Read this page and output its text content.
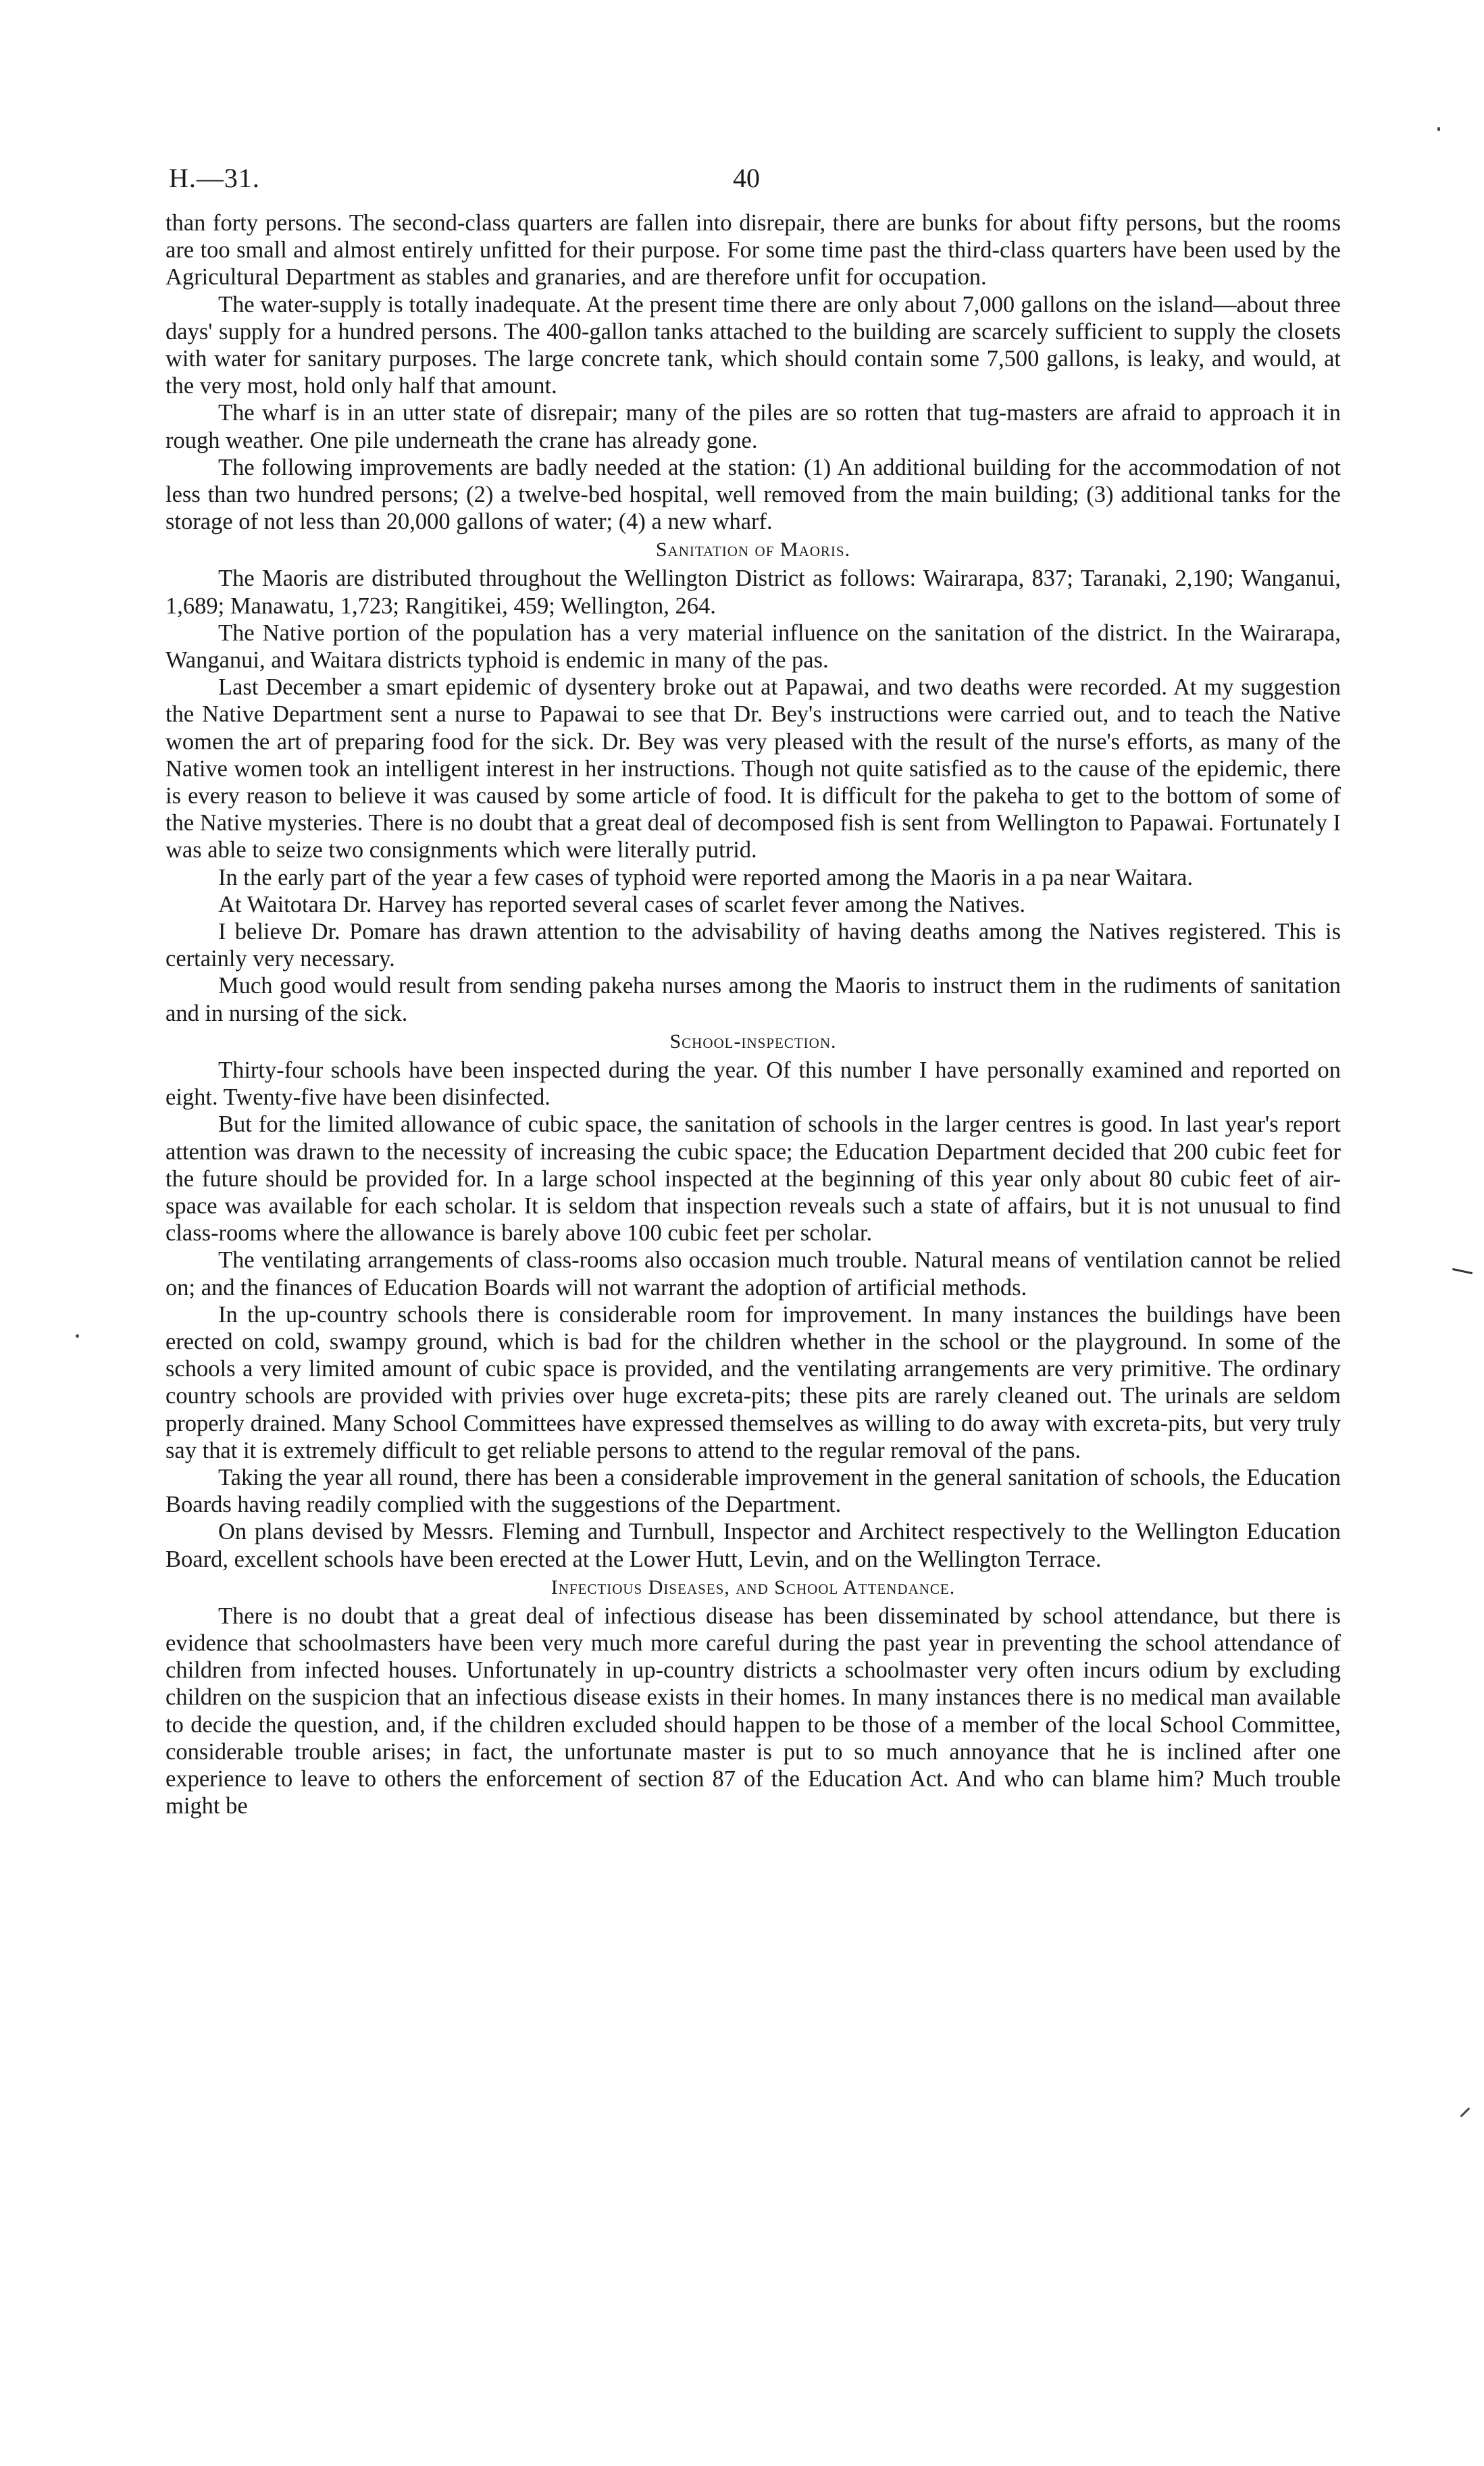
H.—31.	40

than forty persons. The second-class quarters are fallen into disrepair, there are bunks for about fifty persons, but the rooms are too small and almost entirely unfitted for their purpose. For some time past the third-class quarters have been used by the Agricultural Department as stables and granaries, and are therefore unfit for occupation.

The water-supply is totally inadequate. At the present time there are only about 7,000 gallons on the island—about three days' supply for a hundred persons. The 400-gallon tanks attached to the building are scarcely sufficient to supply the closets with water for sanitary purposes. The large concrete tank, which should contain some 7,500 gallons, is leaky, and would, at the very most, hold only half that amount.

The wharf is in an utter state of disrepair; many of the piles are so rotten that tug-masters are afraid to approach it in rough weather. One pile underneath the crane has already gone.

The following improvements are badly needed at the station: (1) An additional building for the accommodation of not less than two hundred persons; (2) a twelve-bed hospital, well removed from the main building; (3) additional tanks for the storage of not less than 20,000 gallons of water; (4) a new wharf.

Sanitation of Maoris.

The Maoris are distributed throughout the Wellington District as follows: Wairarapa, 837; Taranaki, 2,190; Wanganui, 1,689; Manawatu, 1,723; Rangitikei, 459; Wellington, 264.

The Native portion of the population has a very material influence on the sanitation of the district. In the Wairarapa, Wanganui, and Waitara districts typhoid is endemic in many of the pas.

Last December a smart epidemic of dysentery broke out at Papawai, and two deaths were recorded. At my suggestion the Native Department sent a nurse to Papawai to see that Dr. Bey's instructions were carried out, and to teach the Native women the art of preparing food for the sick. Dr. Bey was very pleased with the result of the nurse's efforts, as many of the Native women took an intelligent interest in her instructions. Though not quite satisfied as to the cause of the epidemic, there is every reason to believe it was caused by some article of food. It is difficult for the pakeha to get to the bottom of some of the Native mysteries. There is no doubt that a great deal of decomposed fish is sent from Wellington to Papawai. Fortunately I was able to seize two consignments which were literally putrid.

In the early part of the year a few cases of typhoid were reported among the Maoris in a pa near Waitara.

At Waitotara Dr. Harvey has reported several cases of scarlet fever among the Natives.

I believe Dr. Pomare has drawn attention to the advisability of having deaths among the Natives registered. This is certainly very necessary.

Much good would result from sending pakeha nurses among the Maoris to instruct them in the rudiments of sanitation and in nursing of the sick.

School-inspection.

Thirty-four schools have been inspected during the year. Of this number I have personally examined and reported on eight. Twenty-five have been disinfected.

But for the limited allowance of cubic space, the sanitation of schools in the larger centres is good. In last year's report attention was drawn to the necessity of increasing the cubic space; the Education Department decided that 200 cubic feet for the future should be provided for. In a large school inspected at the beginning of this year only about 80 cubic feet of air-space was available for each scholar. It is seldom that inspection reveals such a state of affairs, but it is not unusual to find class-rooms where the allowance is barely above 100 cubic feet per scholar.

The ventilating arrangements of class-rooms also occasion much trouble. Natural means of ventilation cannot be relied on; and the finances of Education Boards will not warrant the adoption of artificial methods.

In the up-country schools there is considerable room for improvement. In many instances the buildings have been erected on cold, swampy ground, which is bad for the children whether in the school or the playground. In some of the schools a very limited amount of cubic space is provided, and the ventilating arrangements are very primitive. The ordinary country schools are provided with privies over huge excreta-pits; these pits are rarely cleaned out. The urinals are seldom properly drained. Many School Committees have expressed themselves as willing to do away with excreta-pits, but very truly say that it is extremely difficult to get reliable persons to attend to the regular removal of the pans.

Taking the year all round, there has been a considerable improvement in the general sanitation of schools, the Education Boards having readily complied with the suggestions of the Department.

On plans devised by Messrs. Fleming and Turnbull, Inspector and Architect respectively to the Wellington Education Board, excellent schools have been erected at the Lower Hutt, Levin, and on the Wellington Terrace.

Infectious Diseases, and School Attendance.

There is no doubt that a great deal of infectious disease has been disseminated by school attendance, but there is evidence that schoolmasters have been very much more careful during the past year in preventing the school attendance of children from infected houses. Unfortunately in up-country districts a schoolmaster very often incurs odium by excluding children on the suspicion that an infectious disease exists in their homes. In many instances there is no medical man available to decide the question, and, if the children excluded should happen to be those of a member of the local School Committee, considerable trouble arises; in fact, the unfortunate master is put to so much annoyance that he is inclined after one experience to leave to others the enforcement of section 87 of the Education Act. And who can blame him? Much trouble might be
